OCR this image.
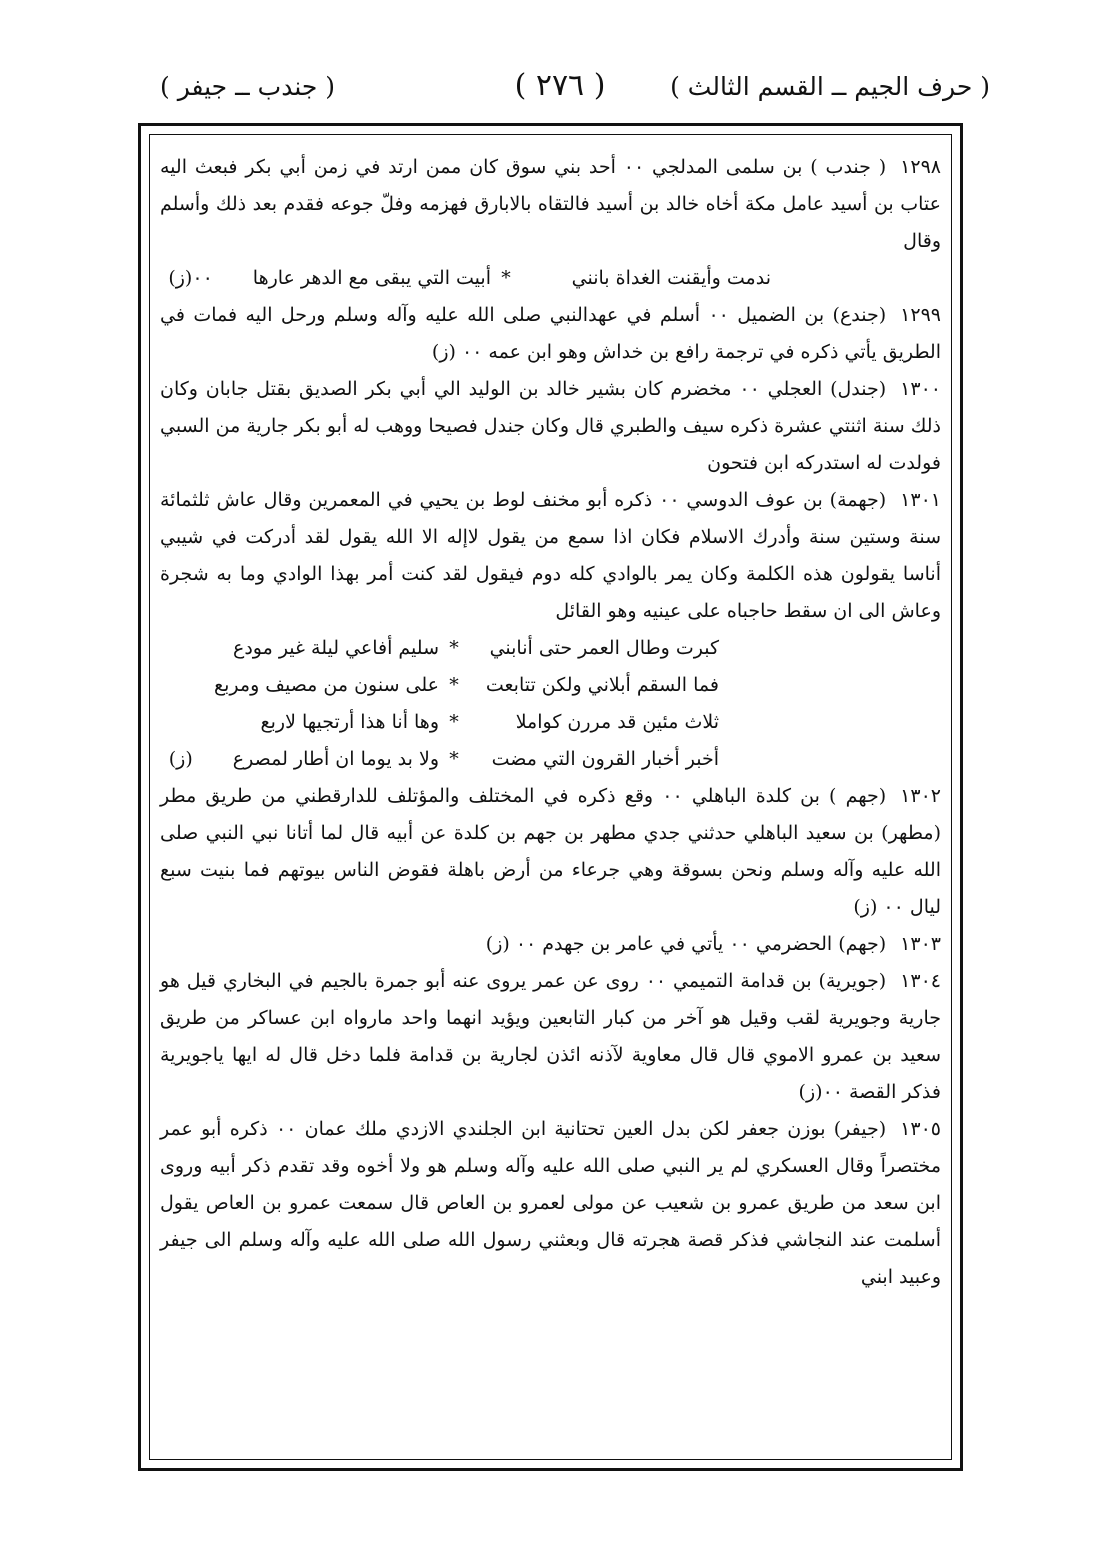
( حرف الجيم ــ القسم الثالث )
( ٢٧٦ )
( جندب ــ جيفر )

١٢٩٨( جندب ) بن سلمى المدلجي ٠٠ أحد بني سوق كان ممن ارتد في زمن أبي بكر فبعث اليه عتاب بن أسيد عامل مكة أخاه خالد بن أسيد فالتقاه بالابارق فهزمه وفلّ جوعه فقدم بعد ذلك وأسلم وقال

ندمت وأيقنت الغداة بانني
*
أبيت التي يبقى مع الدهر عارها
٠٠(ز)

١٢٩٩(جندع) بن الضميل ٠٠ أسلم في عهدالنبي صلى الله عليه وآله وسلم ورحل اليه فمات في الطريق يأتي ذكره في ترجمة رافع بن خداش وهو ابن عمه ٠٠ (ز)

١٣٠٠(جندل) العجلي ٠٠ مخضرم كان بشير خالد بن الوليد الي أبي بكر الصديق بقتل جابان وكان ذلك سنة اثنتي عشرة ذكره سيف والطبري قال وكان جندل فصيحا ووهب له أبو بكر جارية من السبي فولدت له استدركه ابن فتحون

١٣٠١(جهمة) بن عوف الدوسي ٠٠ ذكره أبو مخنف لوط بن يحيي في المعمرين وقال عاش ثلثمائة سنة وستين سنة وأدرك الاسلام فكان اذا سمع من يقول لاإله الا الله يقول لقد أدركت في شيبي أناسا يقولون هذه الكلمة وكان يمر بالوادي كله دوم فيقول لقد كنت أمر بهذا الوادي وما به شجرة وعاش الى ان سقط حاجباه على عينيه وهو القائل

كبرت وطال العمر حتى أنابني
*
سليم أفاعي ليلة غير مودع
فما السقم أبلاني ولكن تتابعت
*
على سنون من مصيف ومربع
ثلاث مئين قد مررن كواملا
*
وها أنا هذا أرتجيها لاربع
أخبر أخبار القرون التي مضت
*
ولا بد يوما ان أطار لمصرع
(ز)

١٣٠٢(جهم ) بن كلدة الباهلي ٠٠ وقع ذكره في المختلف والمؤتلف للدارقطني من طريق مطر (مطهر) بن سعيد الباهلي حدثني جدي مطهر بن جهم بن كلدة عن أبيه قال لما أتانا نبي النبي صلى الله عليه وآله وسلم ونحن بسوقة وهي جرعاء من أرض باهلة فقوض الناس بيوتهم فما بنيت سبع ليال ٠٠ (ز)

١٣٠٣(جهم) الحضرمي ٠٠ يأتي في عامر بن جهدم ٠٠ (ز)

١٣٠٤(جويرية) بن قدامة التميمي ٠٠ روى عن عمر يروى عنه أبو جمرة بالجيم في البخاري قيل هو جارية وجويرية لقب وقيل هو آخر من كبار التابعين ويؤيد انهما واحد مارواه ابن عساكر من طريق سعيد بن عمرو الاموي قال قال معاوية لآذنه ائذن لجارية بن قدامة فلما دخل قال له ايها ياجويرية فذكر القصة ٠٠(ز)

١٣٠٥(جيفر) بوزن جعفر لكن بدل العين تحتانية ابن الجلندي الازدي ملك عمان ٠٠ ذكره أبو عمر مختصراً وقال العسكري لم ير النبي صلى الله عليه وآله وسلم هو ولا أخوه وقد تقدم ذكر أبيه وروى ابن سعد من طريق عمرو بن شعيب عن مولى لعمرو بن العاص قال سمعت عمرو بن العاص يقول أسلمت عند النجاشي فذكر قصة هجرته قال وبعثني رسول الله صلى الله عليه وآله وسلم الى جيفر وعبيد ابني
